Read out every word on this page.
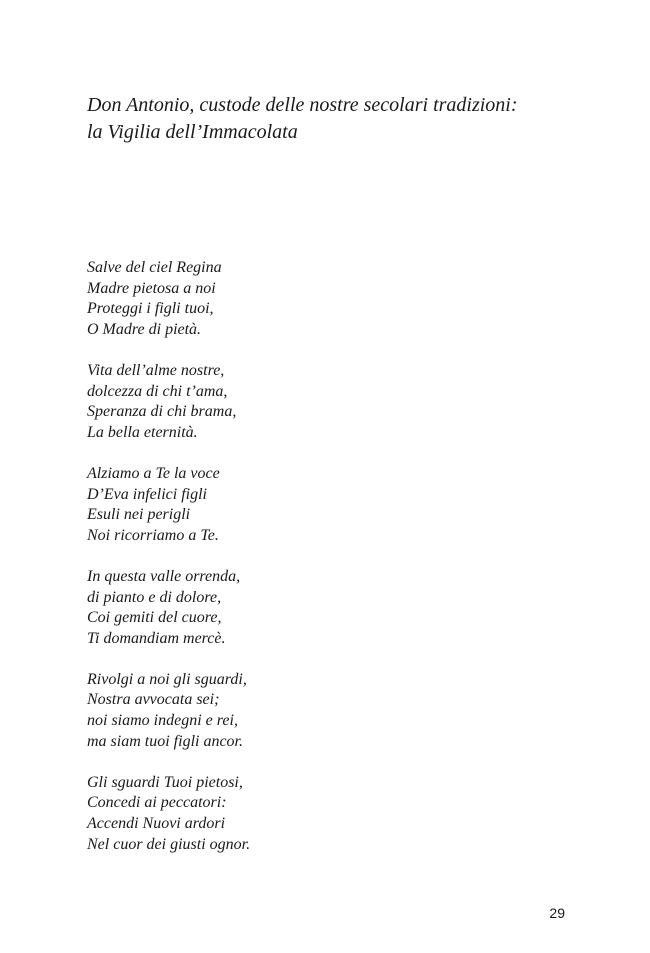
Don Antonio, custode delle nostre secolari tradizioni:
la Vigilia dell’Immacolata
Salve del ciel Regina
Madre pietosa a noi
Proteggi i figli tuoi,
O Madre di pietà.
Vita dell’alme nostre,
dolcezza di chi t’ama,
Speranza di chi brama,
La bella eternità.
Alziamo a Te la voce
D’Eva infelici figli
Esuli nei perigli
Noi ricorriamo a Te.
In questa valle orrenda,
di pianto e di dolore,
Coi gemiti del cuore,
Ti domandiam mercè.
Rivolgi a noi gli sguardi,
Nostra avvocata sei;
noi siamo indegni e rei,
ma siam tuoi figli ancor.
Gli sguardi Tuoi pietosi,
Concedi ai peccatori:
Accendi Nuovi ardori
Nel cuor dei giusti ognor.
29
